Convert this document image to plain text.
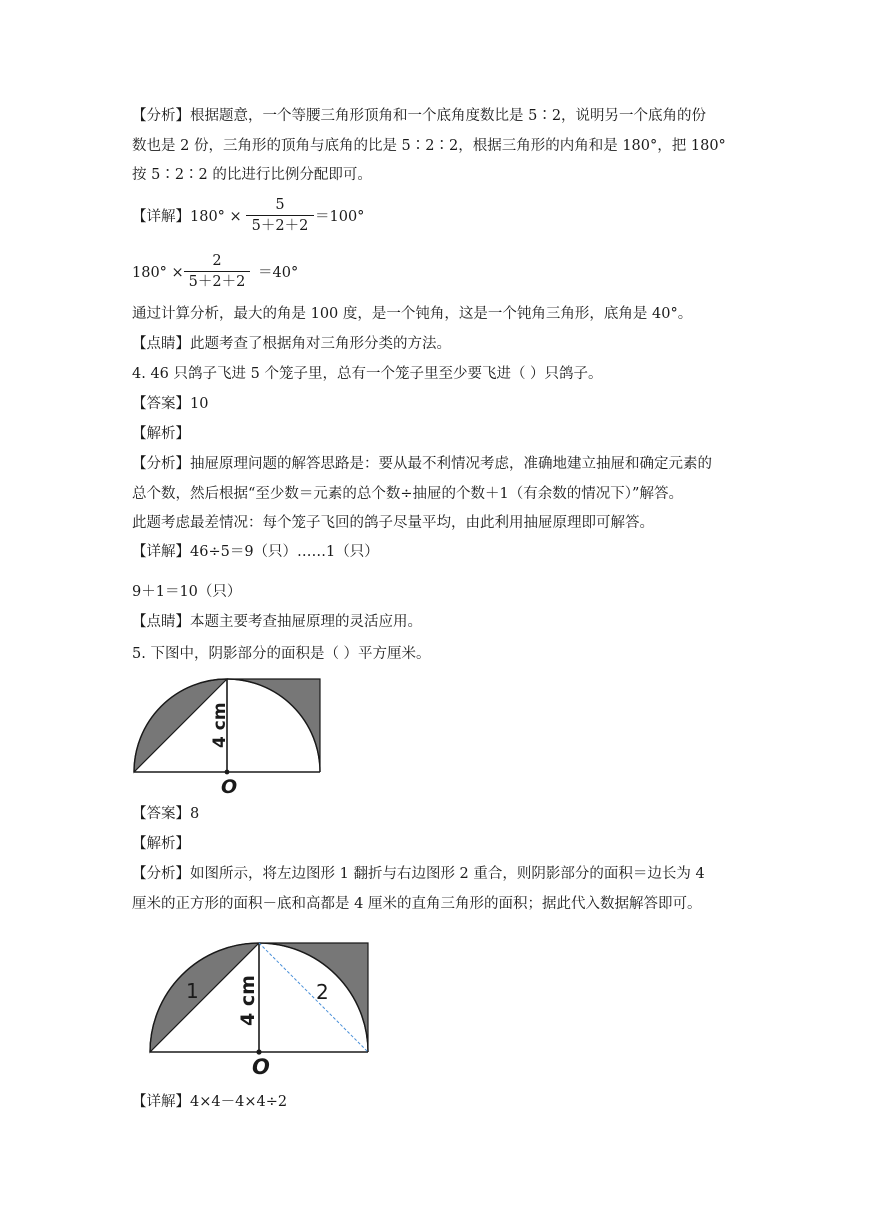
【分析】根据题意，一个等腰三角形顶角和一个底角度数比是 5∶2，说明另一个底角的份
数也是 2 份，三角形的顶角与底角的比是 5∶2∶2，根据三角形的内角和是 180°，把 180°
按 5∶2∶2 的比进行比例分配即可。
【详解】180° ×
5
5＋2＋2
＝100°
180° ×
2
5＋2＋2
＝40°
通过计算分析，最大的角是 100 度，是一个钝角，这是一个钝角三角形，底角是 40°。
【点睛】此题考查了根据角对三角形分类的方法。
4. 46 只鸽子飞进 5 个笼子里，总有一个笼子里至少要飞进（ ）只鸽子。
【答案】10
【解析】
【分析】抽屉原理问题的解答思路是：要从最不利情况考虑，准确地建立抽屉和确定元素的
总个数，然后根据“至少数＝元素的总个数÷抽屉的个数＋1（有余数的情况下）”解答。
此题考虑最差情况：每个笼子飞回的鸽子尽量平均，由此利用抽屉原理即可解答。
【详解】46÷5＝9（只）……1（只）
9＋1＝10（只）
【点睛】本题主要考查抽屉原理的灵活应用。
5. 下图中，阴影部分的面积是（ ）平方厘米。
4 cm
O
【答案】8
【解析】
【分析】如图所示，将左边图形 1 翻折与右边图形 2 重合，则阴影部分的面积＝边长为 4
厘米的正方形的面积－底和高都是 4 厘米的直角三角形的面积；据此代入数据解答即可。
1	2
4 cm
O
【详解】4×4－4×4÷2
